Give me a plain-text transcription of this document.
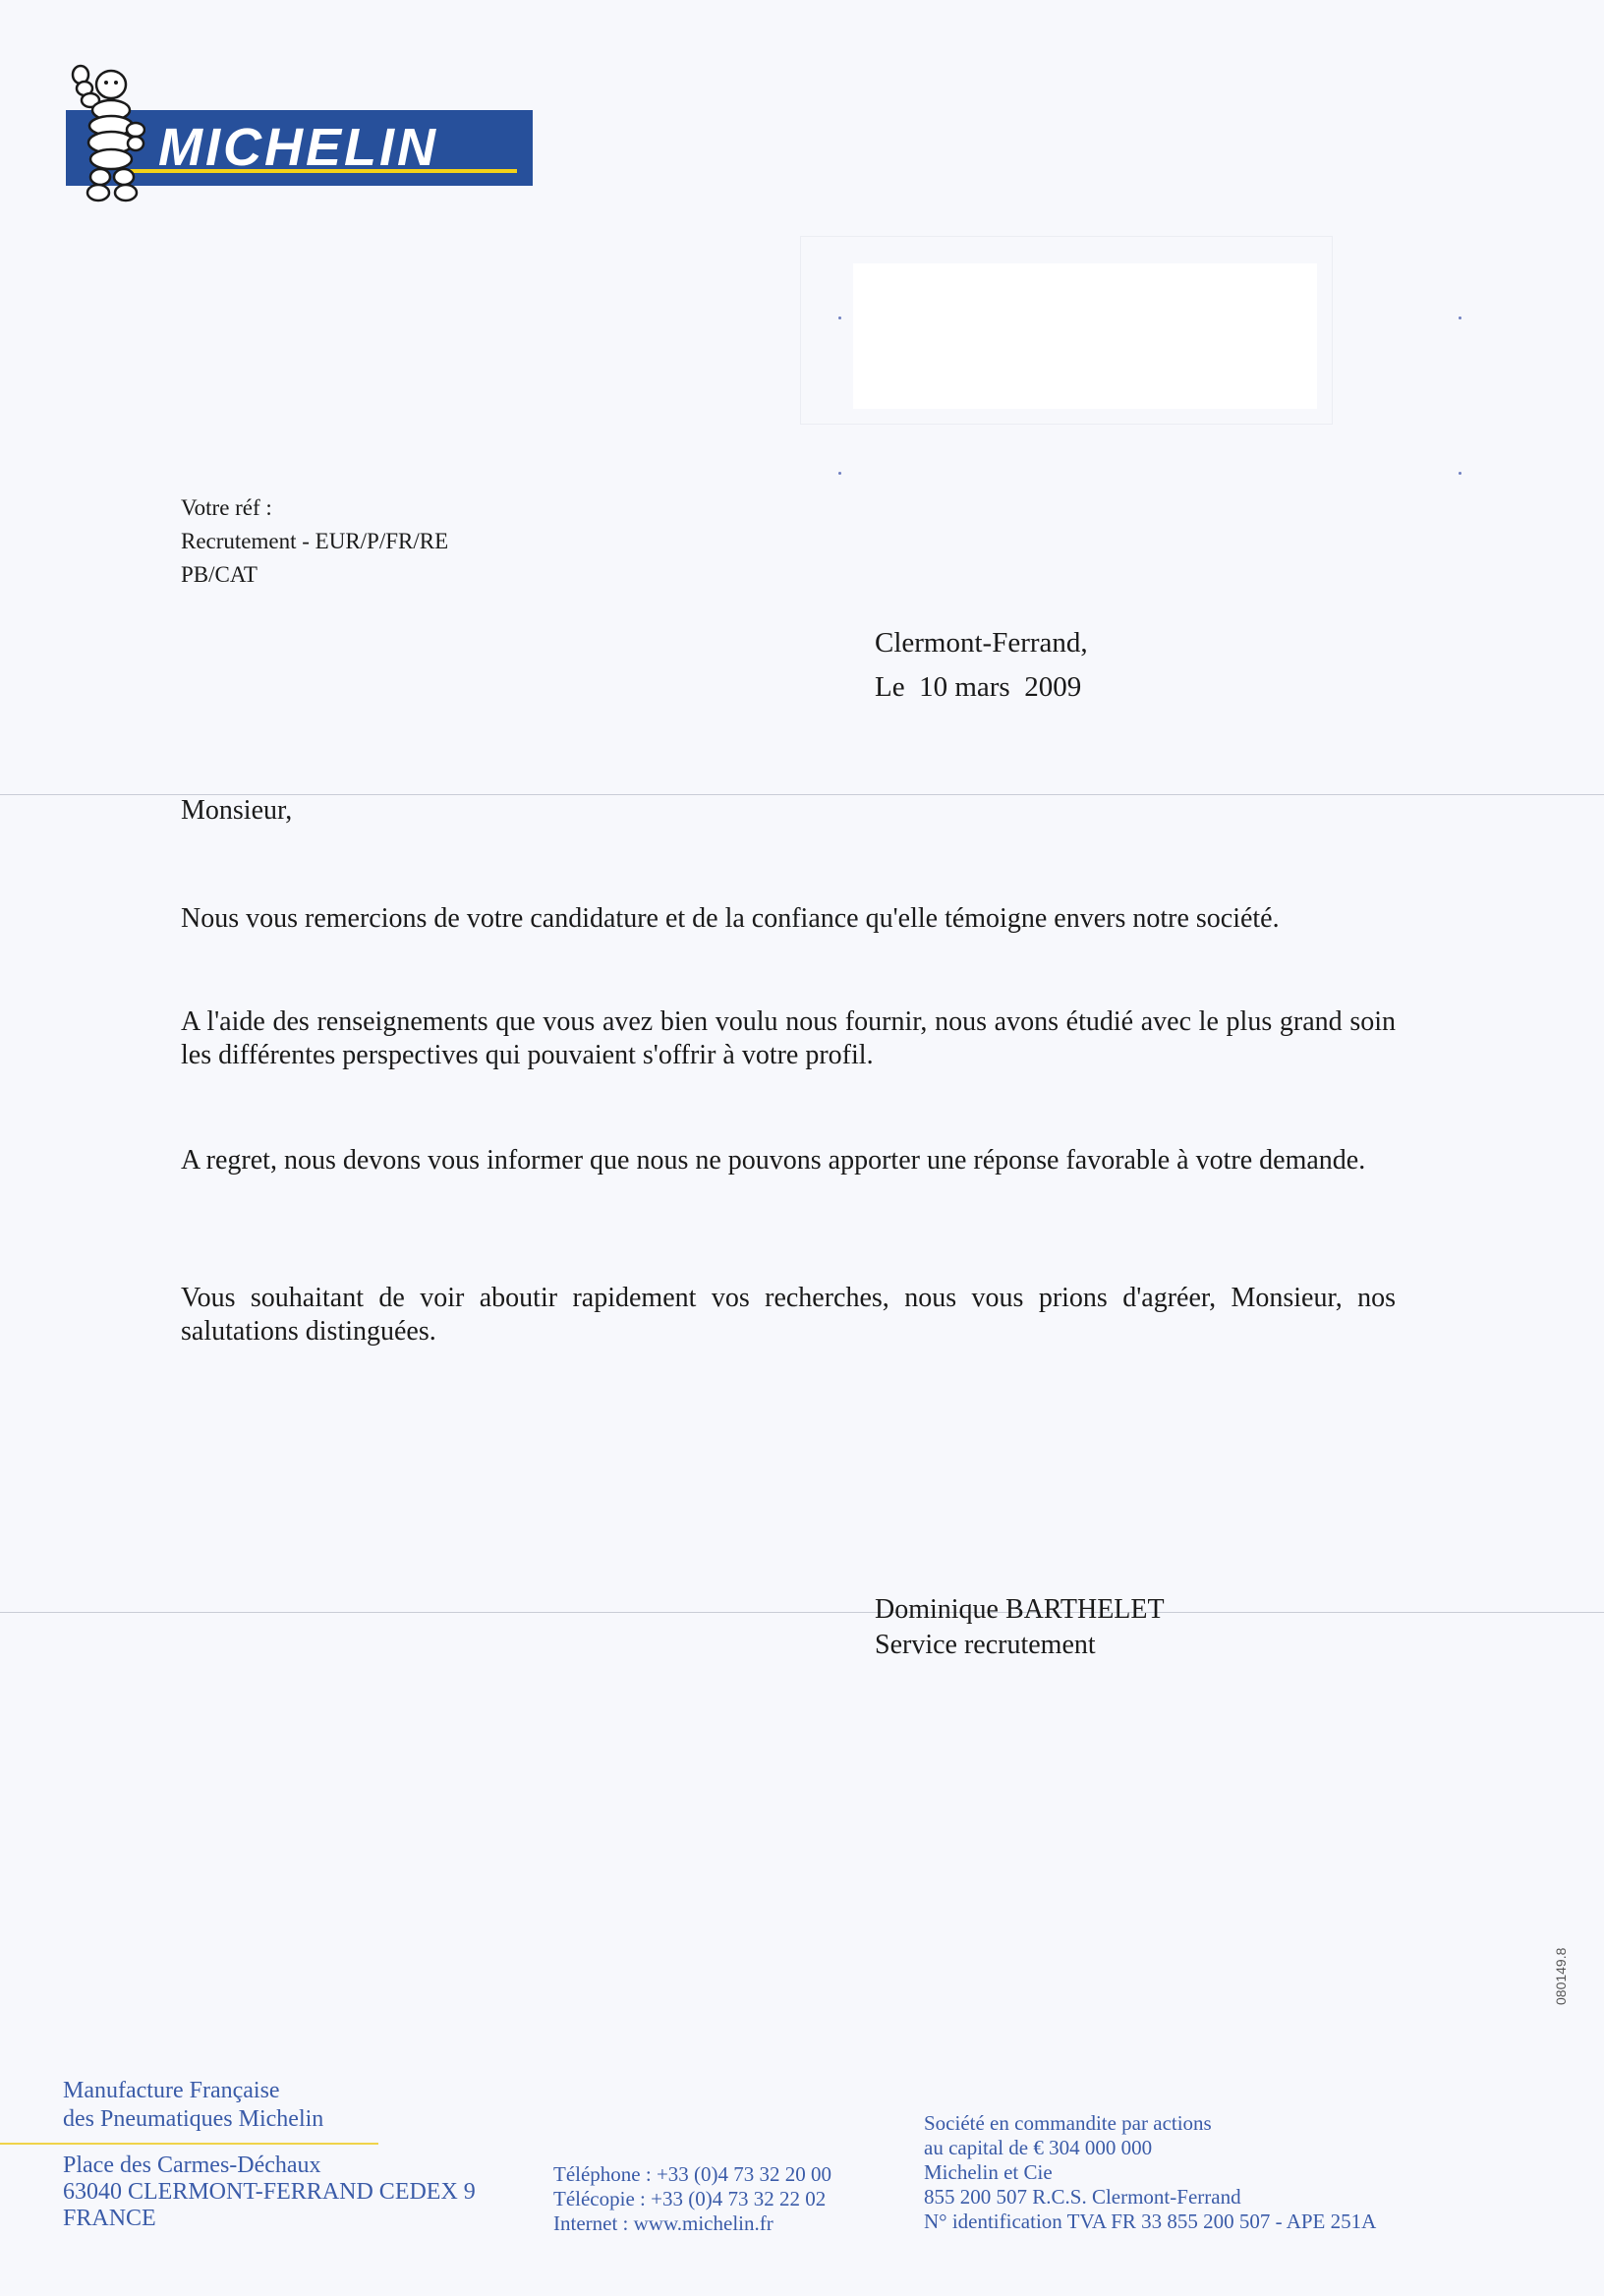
MICHELIN
Votre réf :
Recrutement - EUR/P/FR/RE
PB/CAT
Clermont-Ferrand,
Le  10 mars  2009
Monsieur,
Nous vous remercions de votre candidature et de la confiance qu'elle témoigne envers notre société.
A l'aide des renseignements que vous avez bien voulu nous fournir, nous avons étudié avec le plus grand soin les différentes perspectives qui pouvaient s'offrir à votre profil.
A regret, nous devons vous informer que nous ne pouvons apporter une réponse favorable à votre demande.
Vous souhaitant de voir aboutir rapidement vos recherches, nous vous prions d'agréer, Monsieur, nos salutations distinguées.
Dominique BARTHELET
Service recrutement
080149.8
Manufacture Française
des Pneumatiques Michelin
Place des Carmes-Déchaux
63040 CLERMONT-FERRAND CEDEX 9
FRANCE
Téléphone : +33 (0)4 73 32 20 00
Télécopie : +33 (0)4 73 32 22 02
Internet : www.michelin.fr
Société en commandite par actions
au capital de € 304 000 000
Michelin et Cie
855 200 507 R.C.S. Clermont-Ferrand
N° identification TVA FR 33 855 200 507 - APE 251A
